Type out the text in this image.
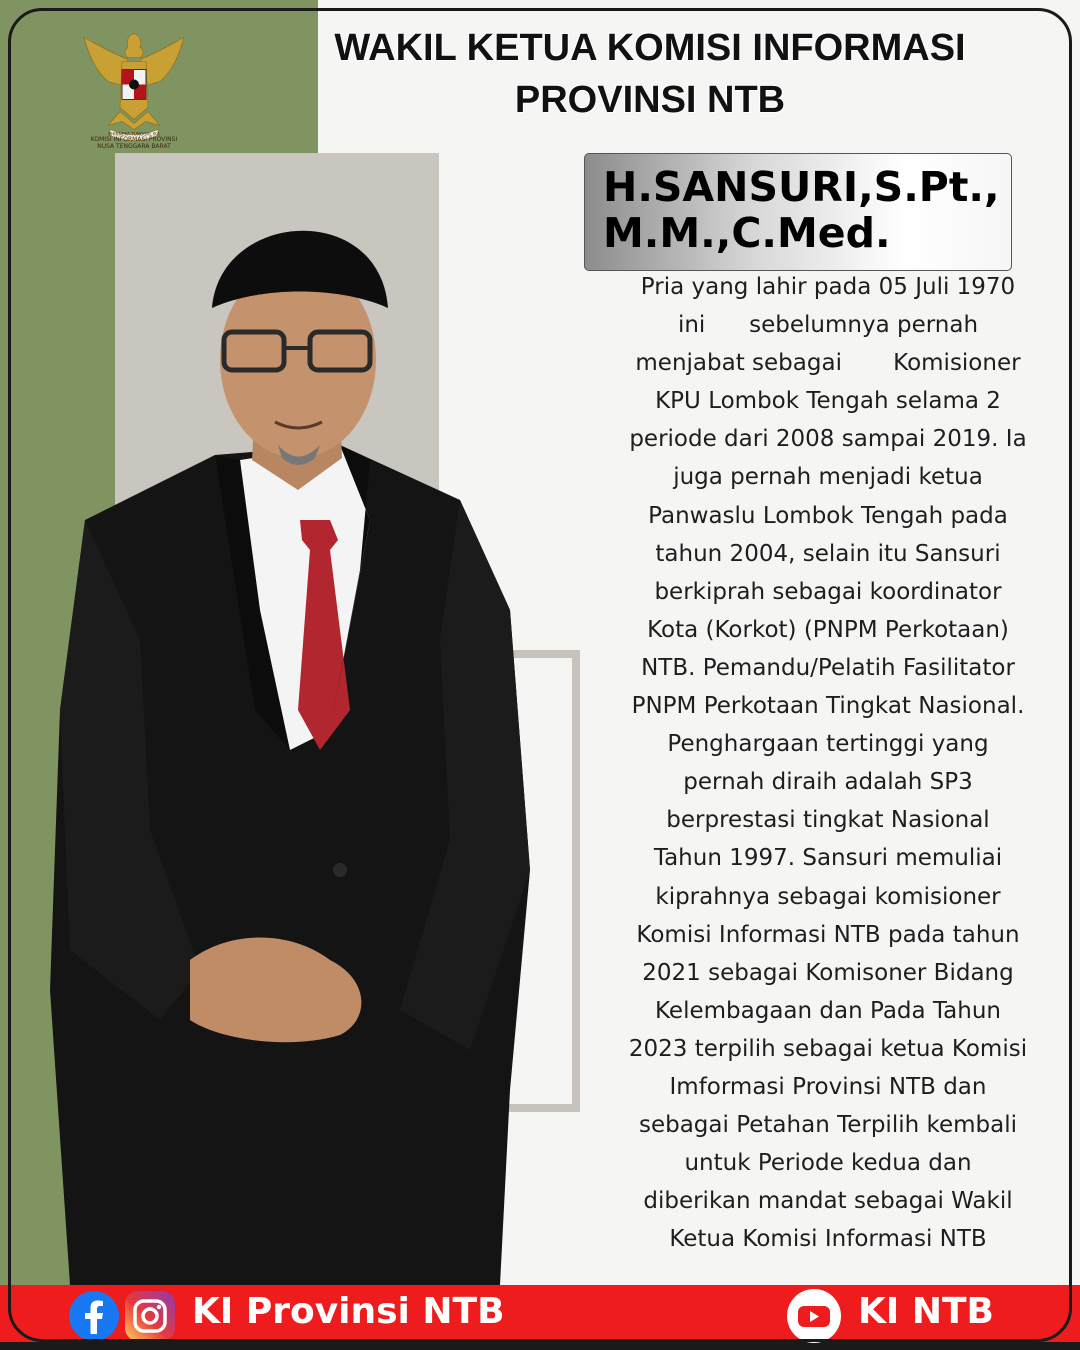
BHINNEKA TUNGGAL IKA
KOMISI INFORMASI PROVINSI
NUSA TENGGARA BARAT
WAKIL KETUA KOMISI INFORMASI
PROVINSI NTB
H.SANSURI,S.Pt.,
M.M.,C.Med.
Pria yang lahir pada 05 Juli 1970
ini      sebelumnya pernah
menjabat sebagai       Komisioner
KPU Lombok Tengah selama 2
periode dari 2008 sampai 2019. Ia
juga pernah menjadi ketua
Panwaslu Lombok Tengah pada
tahun 2004, selain itu Sansuri
berkiprah sebagai koordinator
Kota (Korkot) (PNPM Perkotaan)
NTB. Pemandu/Pelatih Fasilitator
PNPM Perkotaan Tingkat Nasional.
Penghargaan tertinggi yang
pernah diraih adalah SP3
berprestasi tingkat Nasional
Tahun 1997. Sansuri memuliai
kiprahnya sebagai komisioner
Komisi Informasi NTB pada tahun
2021 sebagai Komisoner Bidang
Kelembagaan dan Pada Tahun
2023 terpilih sebagai ketua Komisi
Imformasi Provinsi NTB dan
sebagai Petahan Terpilih kembali
untuk Periode kedua dan
diberikan mandat sebagai Wakil
Ketua Komisi Informasi NTB
KI Provinsi NTB	KI NTB
